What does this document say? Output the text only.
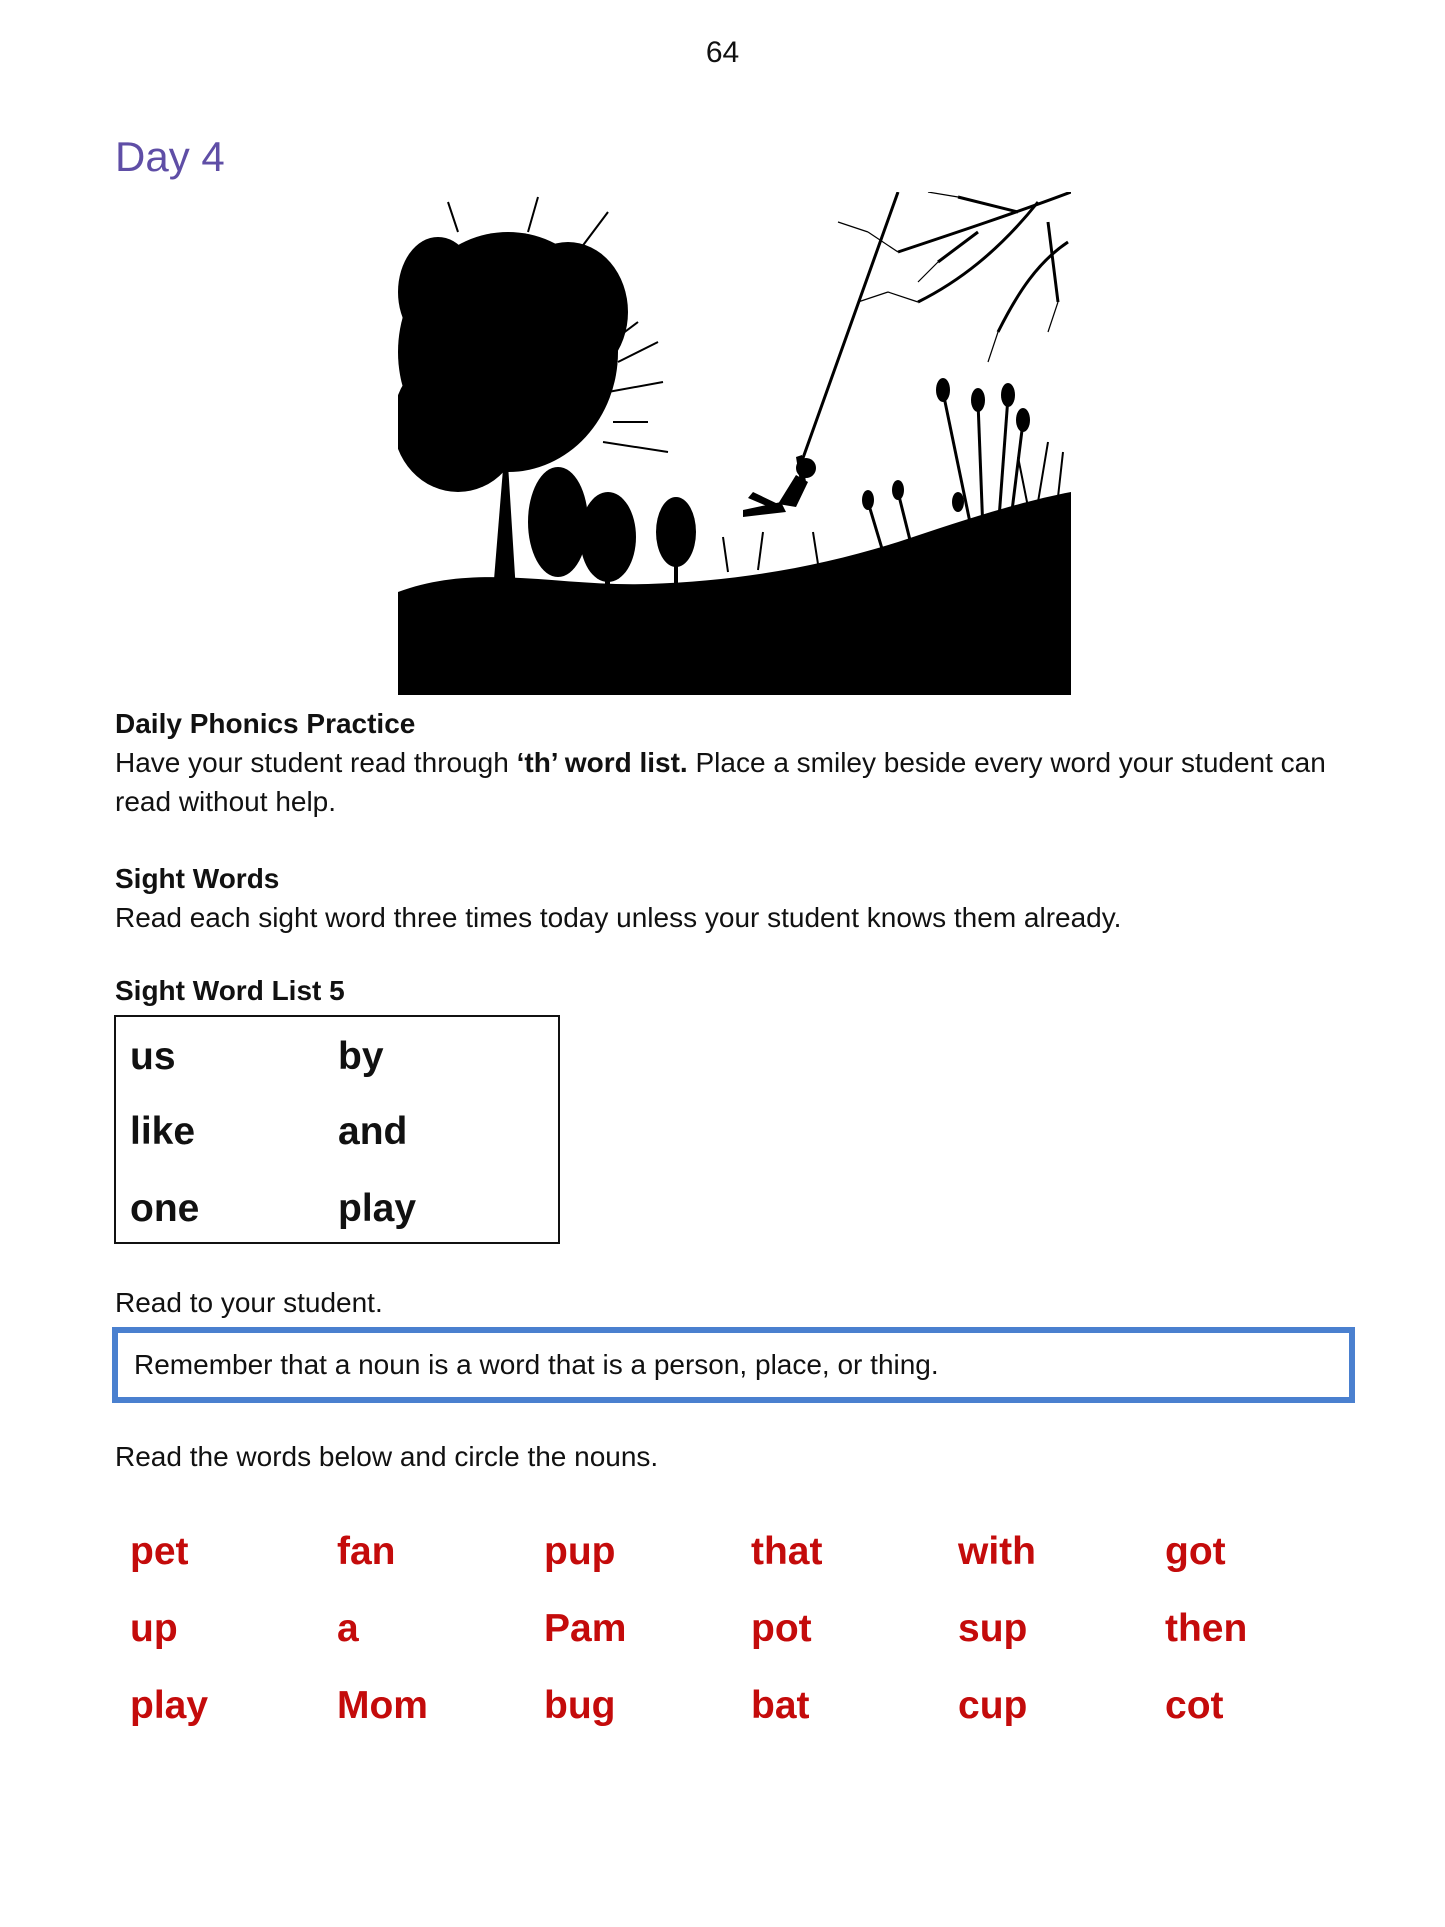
64
Day 4
Daily Phonics Practice
Have your student read through ‘th’ word list. Place a smiley beside every word your student can read without help.
Sight Words
Read each sight word three times today unless your student knows them already.
Sight Word List 5
us	by
like	and
one	play
Read to your student.
Remember that a noun is a word that is a person, place, or thing.
Read the words below and circle the nouns.
pet	fan	pup	that	with	got
up	a	Pam	pot	sup	then
play	Mom	bug	bat	cup	cot
